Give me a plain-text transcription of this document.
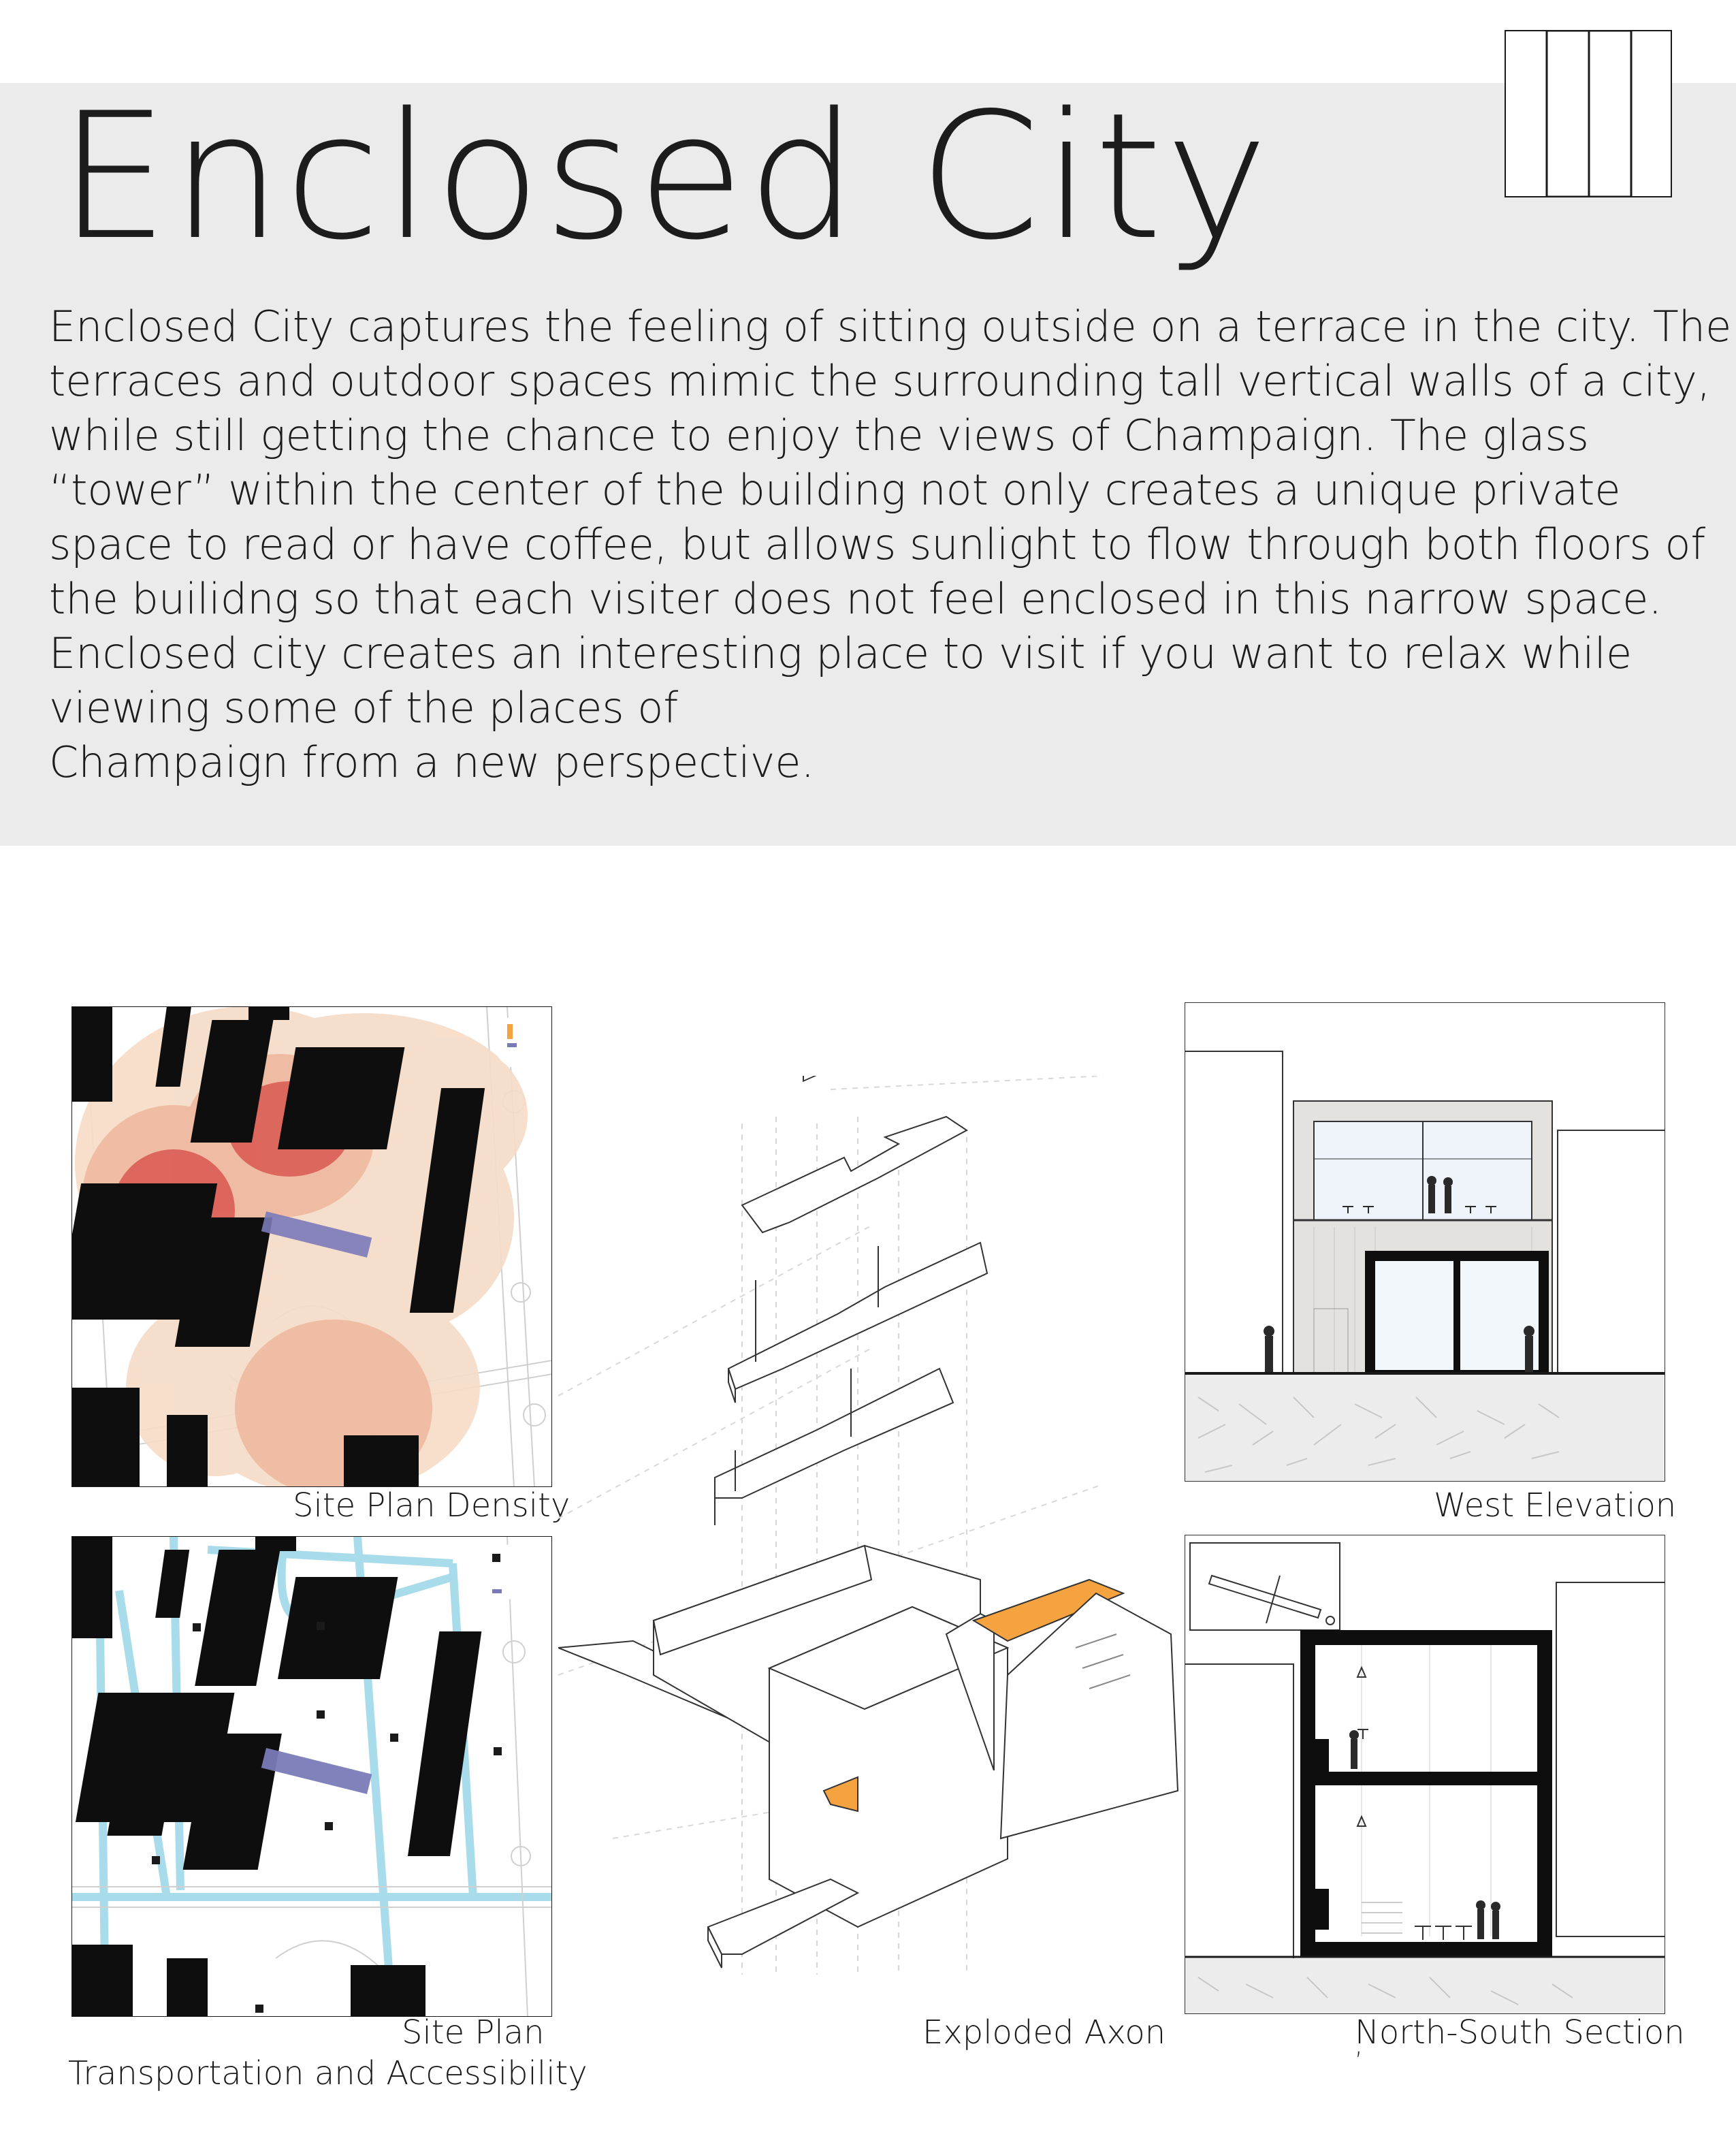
Enclosed City
Enclosed City captures the feeling of sitting outside on a terrace in the city. The
terraces and outdoor spaces mimic the surrounding tall vertical walls of a city,
while still getting the chance to enjoy the views of Champaign. The glass
“tower” within the center of the building not only creates a unique private
space to read or have coffee, but allows sunlight to flow through both floors of
the builidng so that each visiter does not feel enclosed in this narrow space.
Enclosed city creates an interesting place to visit if you want to relax while
viewing some of the places of
Champaign from a new perspective.

Site Plan Density

Site Plan

Transportation and Accessibility

Exploded Axon

West Elevation

North-South Section

’
